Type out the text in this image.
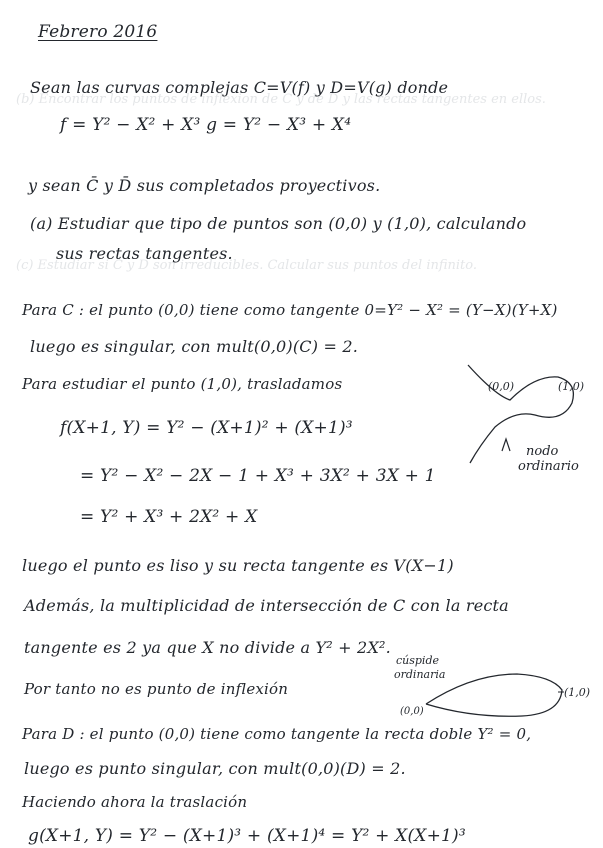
(b) Encontrar los puntos de inflexion de C y de D y las rectas tangentes en ellos.
(c) Estudiar si C y D son irreducibles. Calcular sus puntos del infinito.
Febrero 2016
Sean las curvas complejas C=V(f) y D=V(g) donde
f = Y² − X² + X³ g = Y² − X³ + X⁴
y sean C̄ y D̄ sus completados proyectivos.
(a) Estudiar que tipo de puntos son (0,0) y (1,0), calculando
sus rectas tangentes.
Para C : el punto (0,0) tiene como tangente 0=Y² − X² = (Y−X)(Y+X)
luego es singular, con mult(0,0)(C) = 2.
Para estudiar el punto (1,0), trasladamos
f(X+1, Y) = Y² − (X+1)² + (X+1)³
= Y² − X² − 2X − 1 + X³ + 3X² + 3X + 1
= Y² + X³ + 2X² + X
luego el punto es liso y su recta tangente es V(X−1)
Además, la multiplicidad de intersección de C con la recta
tangente es 2 ya que X no divide a Y² + 2X².
Por tanto no es punto de inflexión
Para D : el punto (0,0) tiene como tangente la recta doble Y² = 0,
luego es punto singular, con mult(0,0)(D) = 2.
Haciendo ahora la traslación
g(X+1, Y) = Y² − (X+1)³ + (X+1)⁴ = Y² + X(X+1)³
(0,0)	(1,0)
nodo
ordinario
cúspide
ordinaria
(0,0)
(1,0)
